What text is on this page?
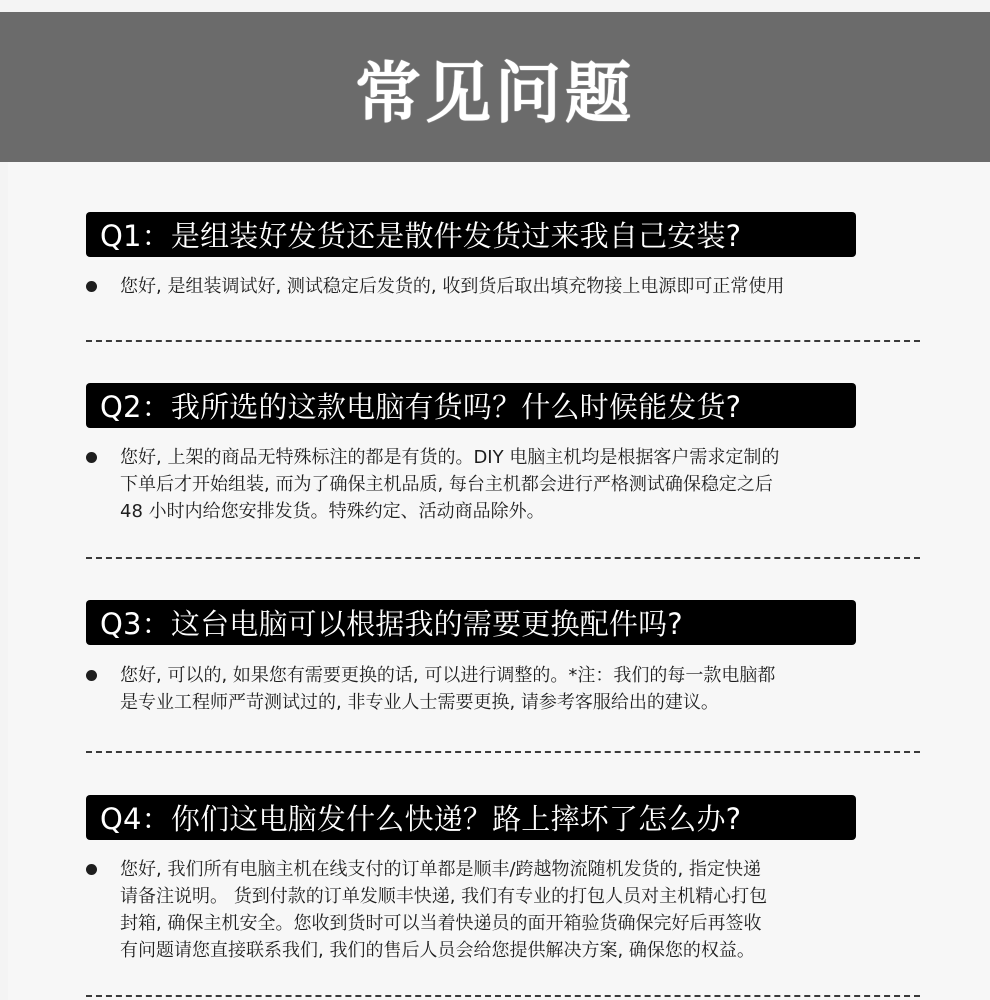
常见问题
Q1：是组装好发货还是散件发货过来我自己安装?
您好, 是组装调试好, 测试稳定后发货的, 收到货后取出填充物接上电源即可正常使用
Q2：我所选的这款电脑有货吗？什么时候能发货?
您好, 上架的商品无特殊标注的都是有货的。DIY 电脑主机均是根据客户需求定制的
下单后才开始组装, 而为了确保主机品质, 每台主机都会进行严格测试确保稳定之后
48 小时内给您安排发货。特殊约定、活动商品除外。
Q3：这台电脑可以根据我的需要更换配件吗?
您好, 可以的, 如果您有需要更换的话, 可以进行调整的。*注：我们的每一款电脑都
是专业工程师严苛测试过的, 非专业人士需要更换, 请参考客服给出的建议。
Q4：你们这电脑发什么快递？路上摔坏了怎么办?
您好, 我们所有电脑主机在线支付的订单都是顺丰/跨越物流随机发货的, 指定快递
请备注说明。 货到付款的订单发顺丰快递, 我们有专业的打包人员对主机精心打包
封箱, 确保主机安全。您收到货时可以当着快递员的面开箱验货确保完好后再签收
有问题请您直接联系我们, 我们的售后人员会给您提供解决方案, 确保您的权益。
